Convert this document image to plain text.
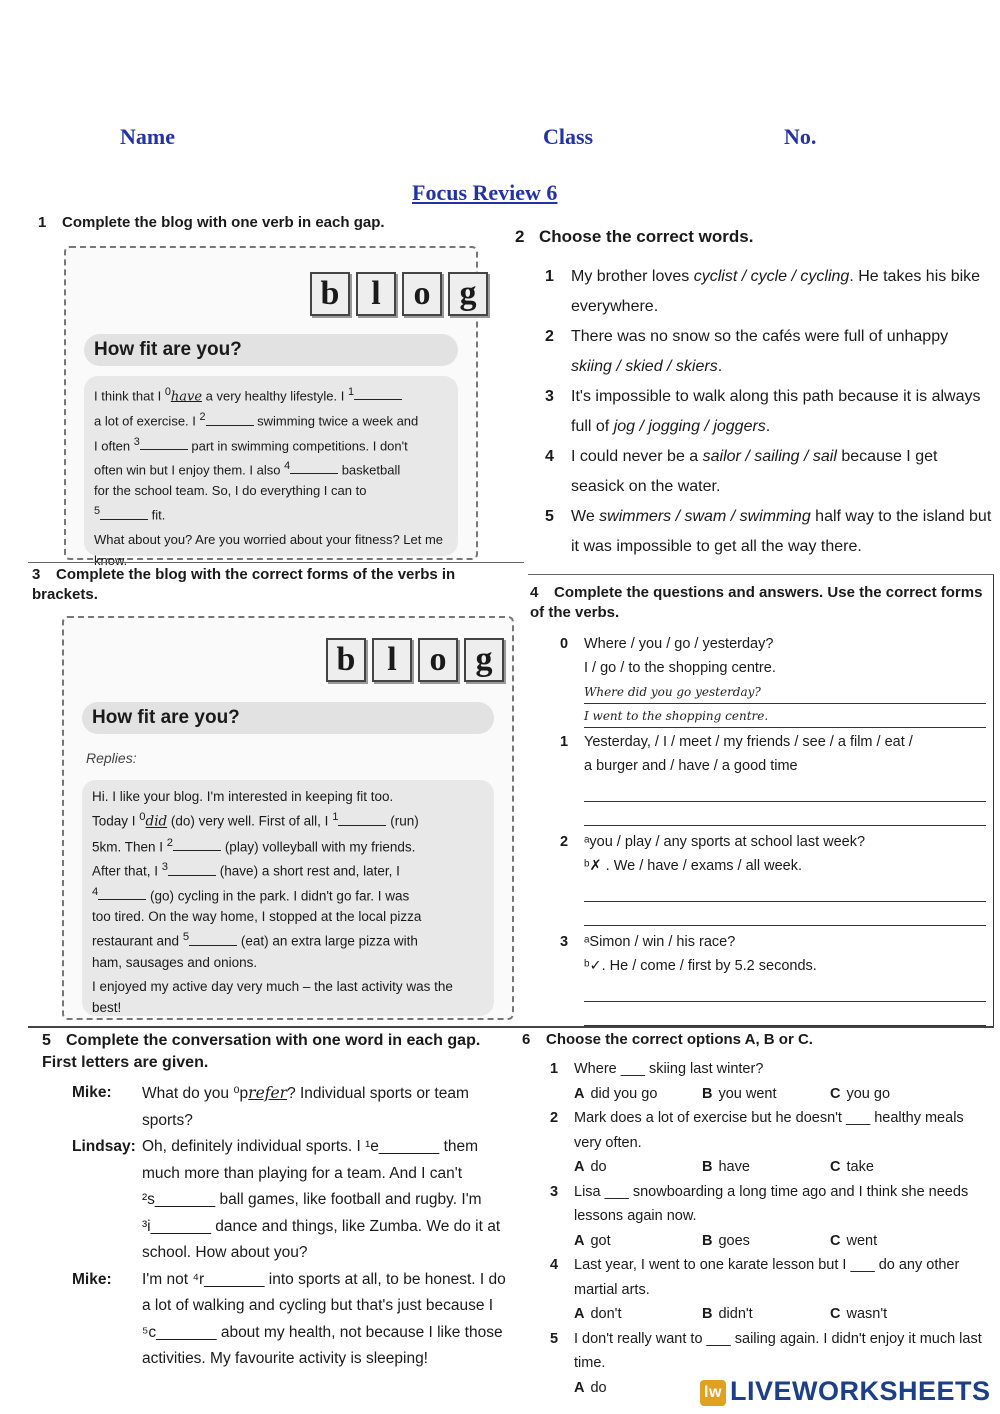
Name	Class	No.
Focus Review 6
1 Complete the blog with one verb in each gap.
b l o g
How fit are you?

I think that I $^0$have a very healthy lifestyle. I $^1$
a lot of exercise. I $^2$	swimming twice a week and
I often $^3$	part in swimming competitions. I don't
often win but I enjoy them. I also $^4$	basketball
for the school team. So, I do everything I can to
$^5$	fit.

What about you? Are you worried about your fitness? Let me know.

2 Choose the correct words.
1	My brother loves cyclist / cycle / cycling. He takes his bike everywhere.
2	There was no snow so the cafés were full of unhappy skiing / skied / skiers.
3	It's impossible to walk along this path because it is always full of jog / jogging / joggers.
4	I could never be a sailor / sailing / sail because I get seasick on the water.
5	We swimmers / swam / swimming half way to the island but it was impossible to get all the way there.
3 Complete the blog with the correct forms of the verbs in brackets.
b l o g
How fit are you?
Replies:

Hi. I like your blog. I'm interested in keeping fit too.
Today I $^0$did (do) very well. First of all, I $^1$	(run)
5km. Then I $^2$	(play) volleyball with my friends.
After that, I $^3$	(have) a short rest and, later, I
$^4$	(go) cycling in the park. I didn't go far. I was
too tired. On the way home, I stopped at the local pizza
restaurant and $^5$	(eat) an extra large pizza with
ham, sausages and onions.

I enjoyed my active day very much – the last activity was the best!

4 Complete the questions and answers. Use the correct forms of the verbs.
0	Where / you / go / yesterday?
I / go / to the shopping centre.
Where did you go yesterday?
I went to the shopping centre.
1	Yesterday, / I / meet / my friends / see / a film / eat /
a burger and / have / a good time
2	ᵃyou / play / any sports at school last week?
ᵇ✗ . We / have / exams / all week.
3	ᵃSimon / win / his race?
ᵇ✓. He / come / first by 5.2 seconds.
5 Complete the conversation with one word in each gap. First letters are given.
Mike:	What do you ⁰prefer? Individual sports or team sports?
Lindsay: Oh, definitely individual sports. I ¹e_______ them much more than playing for a team. And I can't ²s_______ ball games, like football and rugby. I'm ³i_______ dance and things, like Zumba. We do it at school. How about you?
Mike:	I'm not ⁴r_______ into sports at all, to be honest. I do a lot of walking and cycling but that's just because I ⁵c_______ about my health, not because I like those activities. My favourite activity is sleeping!
6 Choose the correct options A, B or C.
1	Where ___ skiing last winter?
A did you go	B you went	C you go
2	Mark does a lot of exercise but he doesn't ___ healthy meals very often.
A do	B have	C take
3	Lisa ___ snowboarding a long time ago and I think she needs lessons again now.
A got	B goes	C went
4	Last year, I went to one karate lesson but I ___ do any other martial arts.
A don't	B didn't	C wasn't
5	I don't really want to ___ sailing again. I didn't enjoy it much last time.
A do	lw LIVEWORKSHEETS
